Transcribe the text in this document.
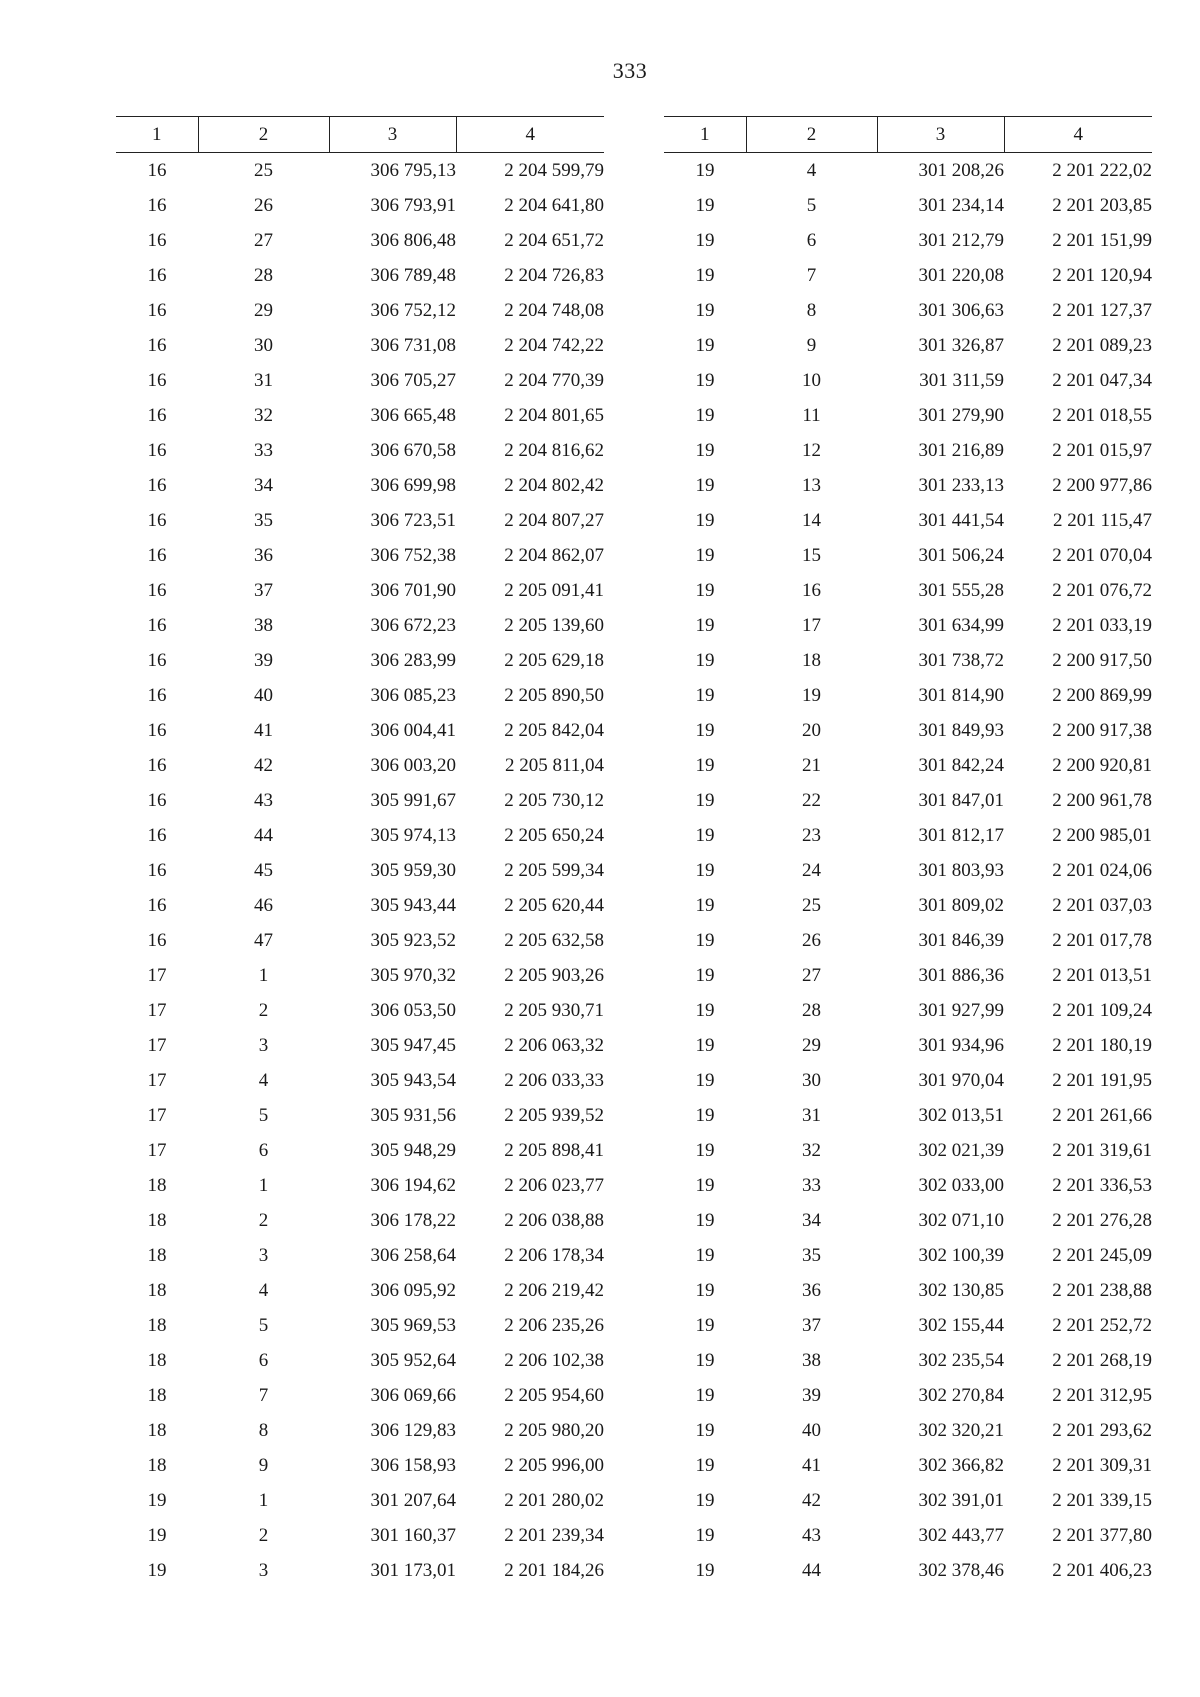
333
1	2	3	4
16	25	306 795,13	2 204 599,79
16	26	306 793,91	2 204 641,80
16	27	306 806,48	2 204 651,72
16	28	306 789,48	2 204 726,83
16	29	306 752,12	2 204 748,08
16	30	306 731,08	2 204 742,22
16	31	306 705,27	2 204 770,39
16	32	306 665,48	2 204 801,65
16	33	306 670,58	2 204 816,62
16	34	306 699,98	2 204 802,42
16	35	306 723,51	2 204 807,27
16	36	306 752,38	2 204 862,07
16	37	306 701,90	2 205 091,41
16	38	306 672,23	2 205 139,60
16	39	306 283,99	2 205 629,18
16	40	306 085,23	2 205 890,50
16	41	306 004,41	2 205 842,04
16	42	306 003,20	2 205 811,04
16	43	305 991,67	2 205 730,12
16	44	305 974,13	2 205 650,24
16	45	305 959,30	2 205 599,34
16	46	305 943,44	2 205 620,44
16	47	305 923,52	2 205 632,58
17	1	305 970,32	2 205 903,26
17	2	306 053,50	2 205 930,71
17	3	305 947,45	2 206 063,32
17	4	305 943,54	2 206 033,33
17	5	305 931,56	2 205 939,52
17	6	305 948,29	2 205 898,41
18	1	306 194,62	2 206 023,77
18	2	306 178,22	2 206 038,88
18	3	306 258,64	2 206 178,34
18	4	306 095,92	2 206 219,42
18	5	305 969,53	2 206 235,26
18	6	305 952,64	2 206 102,38
18	7	306 069,66	2 205 954,60
18	8	306 129,83	2 205 980,20
18	9	306 158,93	2 205 996,00
19	1	301 207,64	2 201 280,02
19	2	301 160,37	2 201 239,34
19	3	301 173,01	2 201 184,26
1	2	3	4
19	4	301 208,26	2 201 222,02
19	5	301 234,14	2 201 203,85
19	6	301 212,79	2 201 151,99
19	7	301 220,08	2 201 120,94
19	8	301 306,63	2 201 127,37
19	9	301 326,87	2 201 089,23
19	10	301 311,59	2 201 047,34
19	11	301 279,90	2 201 018,55
19	12	301 216,89	2 201 015,97
19	13	301 233,13	2 200 977,86
19	14	301 441,54	2 201 115,47
19	15	301 506,24	2 201 070,04
19	16	301 555,28	2 201 076,72
19	17	301 634,99	2 201 033,19
19	18	301 738,72	2 200 917,50
19	19	301 814,90	2 200 869,99
19	20	301 849,93	2 200 917,38
19	21	301 842,24	2 200 920,81
19	22	301 847,01	2 200 961,78
19	23	301 812,17	2 200 985,01
19	24	301 803,93	2 201 024,06
19	25	301 809,02	2 201 037,03
19	26	301 846,39	2 201 017,78
19	27	301 886,36	2 201 013,51
19	28	301 927,99	2 201 109,24
19	29	301 934,96	2 201 180,19
19	30	301 970,04	2 201 191,95
19	31	302 013,51	2 201 261,66
19	32	302 021,39	2 201 319,61
19	33	302 033,00	2 201 336,53
19	34	302 071,10	2 201 276,28
19	35	302 100,39	2 201 245,09
19	36	302 130,85	2 201 238,88
19	37	302 155,44	2 201 252,72
19	38	302 235,54	2 201 268,19
19	39	302 270,84	2 201 312,95
19	40	302 320,21	2 201 293,62
19	41	302 366,82	2 201 309,31
19	42	302 391,01	2 201 339,15
19	43	302 443,77	2 201 377,80
19	44	302 378,46	2 201 406,23
